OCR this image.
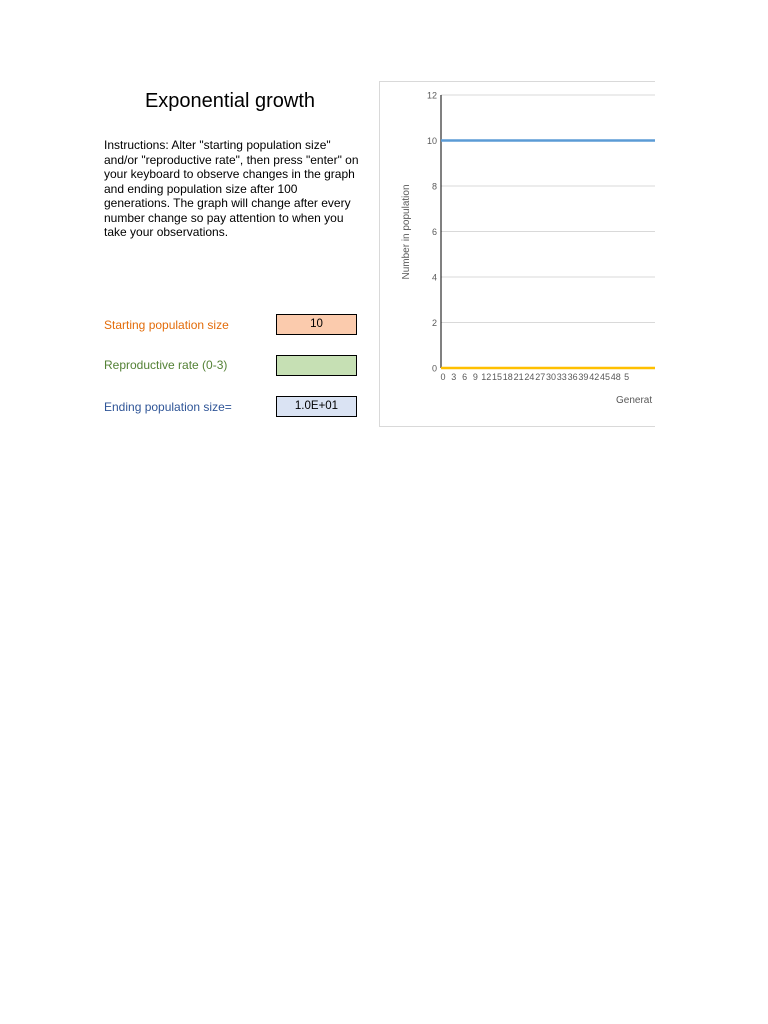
Exponential growth
Instructions: Alter "starting population size" and/or "reproductive rate", then press "enter" on your keyboard to observe changes in the graph and ending population size after 100 generations. The graph will change after every number change so pay attention to when you take your observations.
Starting population size	10
Reproductive rate (0-3)
Ending population size=	1.0E+01
0
2
4
6
8
10
12
0 3 6 9 12 15 18 21 24 27 30 33 36 39 42 45 48 5
Number in population
Generat
